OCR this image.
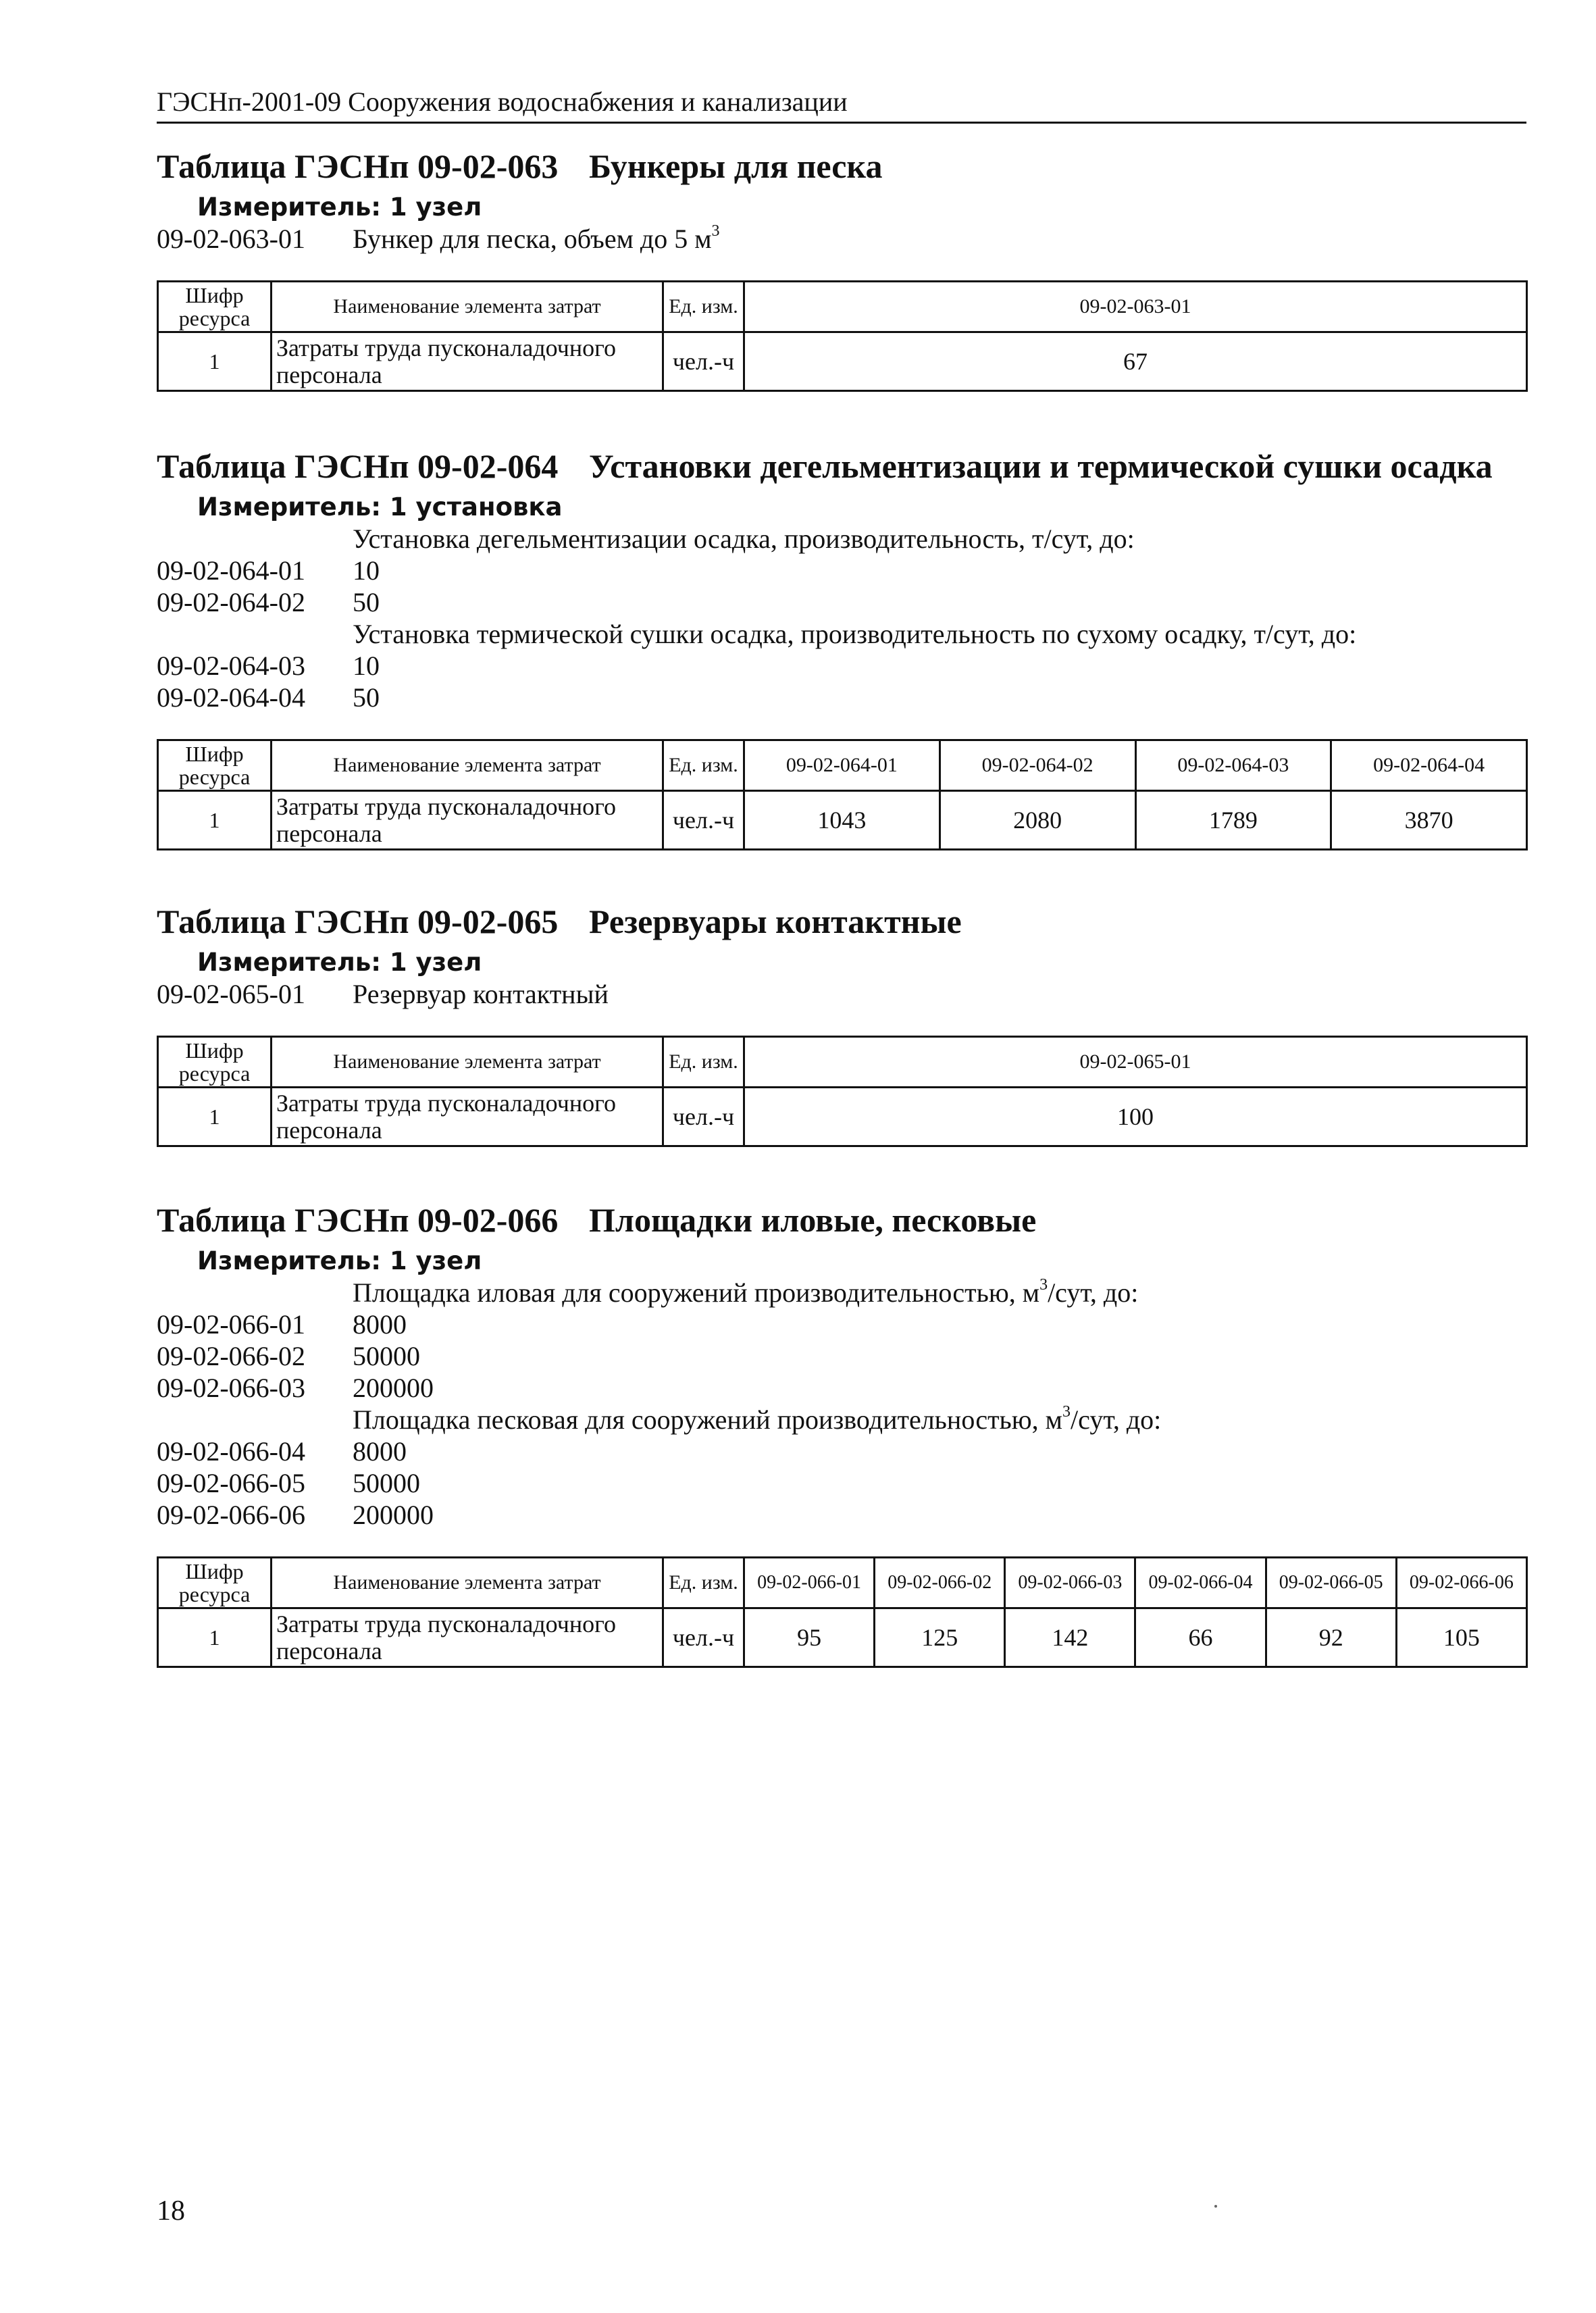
ГЭСНп-2001-09 Сооружения водоснабжения и канализации
Таблица ГЭСНп 09-02-063 Бункеры для песка
Измеритель: 1 узел
09-02-063-01	Бункер для песка, объем до 5 $м^3$
Шифр ресурса	Наименование элемента затрат	Ед. изм.	09-02-063-01
1	Затраты труда пусконаладочного персонала	чел.-ч	67
Таблица ГЭСНп 09-02-064 Установки дегельментизации и термической сушки осадка
Измеритель: 1 установка
Установка дегельментизации осадка, производительность, т/сут, до:
09-02-064-01	10
09-02-064-02	50
Установка термической сушки осадка, производительность по сухому осадку, т/сут, до:
09-02-064-03	10
09-02-064-04	50
Шифр ресурса	Наименование элемента затрат	Ед. изм.	09-02-064-01	09-02-064-02	09-02-064-03	09-02-064-04
1	Затраты труда пусконаладочного персонала	чел.-ч	1043	2080	1789	3870
Таблица ГЭСНп 09-02-065 Резервуары контактные
Измеритель: 1 узел
09-02-065-01	Резервуар контактный
Шифр ресурса	Наименование элемента затрат	Ед. изм.	09-02-065-01
1	Затраты труда пусконаладочного персонала	чел.-ч	100
Таблица ГЭСНп 09-02-066 Площадки иловые, песковые
Измеритель: 1 узел
Площадка иловая для сооружений производительностью, $м^3$/сут, до:
09-02-066-01	8000
09-02-066-02	50000
09-02-066-03	200000
Площадка песковая для сооружений производительностью, $м^3$/сут, до:
09-02-066-04	8000
09-02-066-05	50000
09-02-066-06	200000
Шифр ресурса	Наименование элемента затрат	Ед. изм.	09-02-066-01	09-02-066-02	09-02-066-03	09-02-066-04	09-02-066-05	09-02-066-06
1	Затраты труда пусконаладочного персонала	чел.-ч	95	125	142	66	92	105
18
